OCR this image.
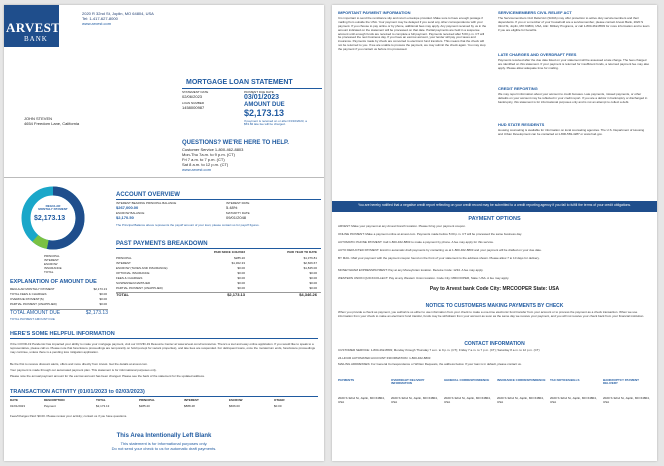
ARVEST
BANK
2020 R 32nd St, Joplin, MO 64804, USA
Tel: 1-417-627-8000
www.arvest.com
MORTGAGE LOAN STATEMENT
STATEMENT DATE
02/06/2023
LOAN NUMBER
1458000987
PAYMENT DUE DATE
03/01/2023
AMOUNT DUE
$2,173.13
If payment is received on or after 03/16/2023, a $53.82 late fee will be charged.
JOHN STEVEN
4654 Freedom Lane, California
QUESTIONS? WE'RE HERE TO HELP.
Customer Service 1-800-462-8803
Mon-Thu 7a.m. to 9 p.m. (CT)
Fri 7 a.m. to 7 p.m. (CT)
Sat 8 a.m. to 12 p.m. (CT)
www.arvest.com
REGULAR MONTHLY PAYMENT
$2,173.13
PRINCIPAL
INTEREST
ESCROW
INSURANCE
TOTAL
ACCOUNT OVERVIEW
INTEREST BEARING PRINCIPAL BALANCE
$267,000.00
ESCROW BALANCE
$2,170.50
INTEREST RATE
5.48%
MATURITY DATE
09/01/2048
The Principal Balance above represents the payoff amount of your loan; please contact us for payoff figures.
PAST PAYMENTS BREAKDOWN
PAID SINCE 1/31/2023	PAID YEAR TO DATE
EXPLANATION OF AMOUNT DUE
REGULAR MONTHLY PAYMENT	$2,173.13
TOTAL FEES & CHARGES	$0.00
OVERDUE PAYMENT(S)	$0.00
PARTIAL PAYMENT (UNAPPLIED)	$0.00
TOTAL AMOUNT DUE	$2,173.13
TOTAL PAYMENT AMOUNT DUE
HERE'S SOME HELPFUL INFORMATION
If the COVID-19 Pandemic has impacted your ability to make your mortgage payment, visit our COVID-19 Resource Center at www.arvest.com/coronavirus. There's a tool and easy online application. If you would like to speak to a representative, please call us. Please note that foreclosure proceedings are temporarily on hold (except for vacant properties), and late fees are suspended. For delinquent loans, once the moratorium ends, foreclosure proceedings may continue, unless there is a pending loss mitigation application.
Be the first to receive discount alerts, offers and more directly from Arvest. Get the details at arvest.com.
Your payment is made through our automated payment plan. This statement is for informational purposes only.
Please note the annual payment amount for the escrow account has been changed. Please see the back of the statement for the updated address.
TRANSACTION ACTIVITY (01/01/2023 to 02/03/2023)
Fees/Charges Paid: $0.00. Please review your activity; contact us if you have questions.
This Area Intentionally Left Blank
This statement is for informational purposes only.
Do not send your check to us for automatic draft payments.
PRINCIPAL	$285.20	$1,376.81
INTEREST	$1,302.33	$2,606.67
ESCROW (TAXES AND INSURANCE)	$0.00	$1,845.00
OPTIONAL INSURANCE	$0.00	$0.00
FEES & CHARGES	$0.00	$0.00
SUSPENSE/UNAPPLIED	$0.00	$0.00
PARTIAL PAYMENT (UNAPPLIED)	$0.00	$0.00
TOTAL	$2,173.13	$4,346.26
DATE	DESCRIPTION	TOTAL	PRINCIPAL	INTEREST	ESCROW	OTHER
01/01/2023	Payment	$2,173.13	$285.20	$888.48	$666.00	$0.00
IMPORTANT PAYMENT INFORMATION
It is important to send the remittance slip and return envelope provided. Make sure to have enough postage if mailing from outside the USA. Your payment may be delayed if you send any other correspondence with your payment. If you choose to pay online or by phone, additional fees may apply. Any payment received by us in the amount indicated on the statement will be processed on that date. Partial payments are held in a suspense account until enough funds are received to complete a full payment. Payments received after 5:00 p.m. CT will be processed the next business day. If you have an escrow account, your lender will pay your taxes and insurance. Payments made by check are converted to electronic fund transfers. This means that the check will not be returned to you. If we are unable to process the payment, we may submit the check again. You may stop the payment if you contact us before it is processed.
SERVICEMEMBERS CIVIL RELIEF ACT
The Servicemembers Civil Relief Act (SCRA) may offer protection to active duty servicemembers and their dependents. If you or a member of your household are a servicemember, please contact Arvest Bank, 2020 S 32nd St, Joplin, MO 64804, USA, Attn: Military Programs, or call 1-800-462-8803 for more information and to learn if you are eligible for benefits.
LATE CHARGES AND OVERDRAFT FEES
Payments received after the due date listed on your statement will be assessed a late charge. The fees charged are identified on this statement. If your payment is returned for insufficient funds, a returned payment fee may also apply. Please allow adequate time for mailing.
CREDIT REPORTING
We may report information about your account to credit bureaus. Late payments, missed payments, or other defaults on your account may be reflected in your credit report. If you are a debtor in bankruptcy or discharged in bankruptcy, this statement is for informational purposes only and is not an attempt to collect a debt.
HUD STATE RESIDENTS
Housing counseling is available for information on local counseling agencies. The U.S. Department of Housing and Urban Development can be contacted at 1-800-569-4287 or www.hud.gov.
You are hereby notified that a negative credit report reflecting on your credit record may be submitted to a credit reporting agency if you fail to fulfill the terms of your credit obligations.
PAYMENT OPTIONS
ARVEST: Make your payment at any Arvest branch location. Please bring your payment coupon.
ONLINE PAYMENT: Make a payment online at arvest.com. Payments made before 5:00 p.m. CT will be processed the same business day.
AUTOMATIC PHONE PAYMENT: Call 1-800-462-8803 to make a payment by phone. A fee may apply for this service.
AUTO DEDUCTED PAYMENT: Enroll in automatic draft payments by contacting us at 1-800-462-8803 and your payment will be drafted on your due date.
BY MAIL: Mail your payment with the payment coupon found on the front of your statement to the address shown. Please allow 7 to 10 days for delivery.
MONEYGRAM EXPRESSPAYMENT: Pay at any MoneyGram location. Receive Code: 1234. A fee may apply.
WESTERN UNION QUICKCOLLECT: Pay at any Western Union location. Code City: MRCOOPER, State: USA. A fee may apply.
Pay to Arvest bank Code City: MRCOOPER State: USA
NOTICE TO CUSTOMERS MAKING PAYMENTS BY CHECK
When you provide a check as payment, you authorize us either to use information from your check to make a one-time electronic fund transfer from your account or to process the payment as a check transaction. When we use information from your check to make an electronic fund transfer, funds may be withdrawn from your account as soon as the same day we receive your payment, and you will not receive your check back from your financial institution.
CONTACT INFORMATION
CUSTOMER SERVICE: 1-800-462-8803; Monday through Thursday 7 a.m. to 9 p.m. (CT); Friday 7 a.m. to 7 p.m. (CT); Saturday 8 a.m. to 12 p.m. (CT)
24-HOUR AUTOMATED ACCOUNT INFORMATION: 1-800-462-8803
MAILING ADDRESSES: For General Correspondence or Written Requests, the address below. If your loan is in default, please contact us.
PAYMENTS
2020 S 32nd St, Joplin, MO 64804, USA
OVERNIGHT DELIVERY INFORMATION
2020 S 32nd St, Joplin, MO 64804, USA
GENERAL CORRESPONDENCE
2020 S 32nd St, Joplin, MO 64804, USA
INSURANCE CORRESPONDENCE
2020 S 32nd St, Joplin, MO 64804, USA
TAX NOTICES/BILLS
2020 S 32nd St, Joplin, MO 64804, USA
BANKRUPTCY PAYMENT DELIVERY
2020 S 32nd St, Joplin, MO 64804, USA
